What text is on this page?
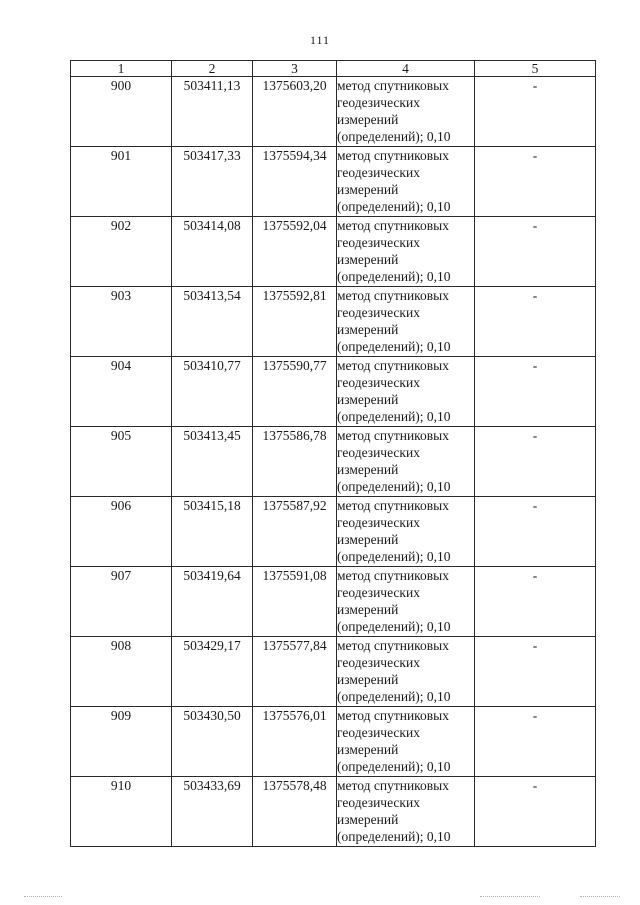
111
1	2	3	4	5
900	503411,13	1375603,20	метод спутниковых
геодезических
измерений
(определений); 0,10	-
901	503417,33	1375594,34	метод спутниковых
геодезических
измерений
(определений); 0,10	-
902	503414,08	1375592,04	метод спутниковых
геодезических
измерений
(определений); 0,10	-
903	503413,54	1375592,81	метод спутниковых
геодезических
измерений
(определений); 0,10	-
904	503410,77	1375590,77	метод спутниковых
геодезических
измерений
(определений); 0,10	-
905	503413,45	1375586,78	метод спутниковых
геодезических
измерений
(определений); 0,10	-
906	503415,18	1375587,92	метод спутниковых
геодезических
измерений
(определений); 0,10	-
907	503419,64	1375591,08	метод спутниковых
геодезических
измерений
(определений); 0,10	-
908	503429,17	1375577,84	метод спутниковых
геодезических
измерений
(определений); 0,10	-
909	503430,50	1375576,01	метод спутниковых
геодезических
измерений
(определений); 0,10	-
910	503433,69	1375578,48	метод спутниковых
геодезических
измерений
(определений); 0,10	-
